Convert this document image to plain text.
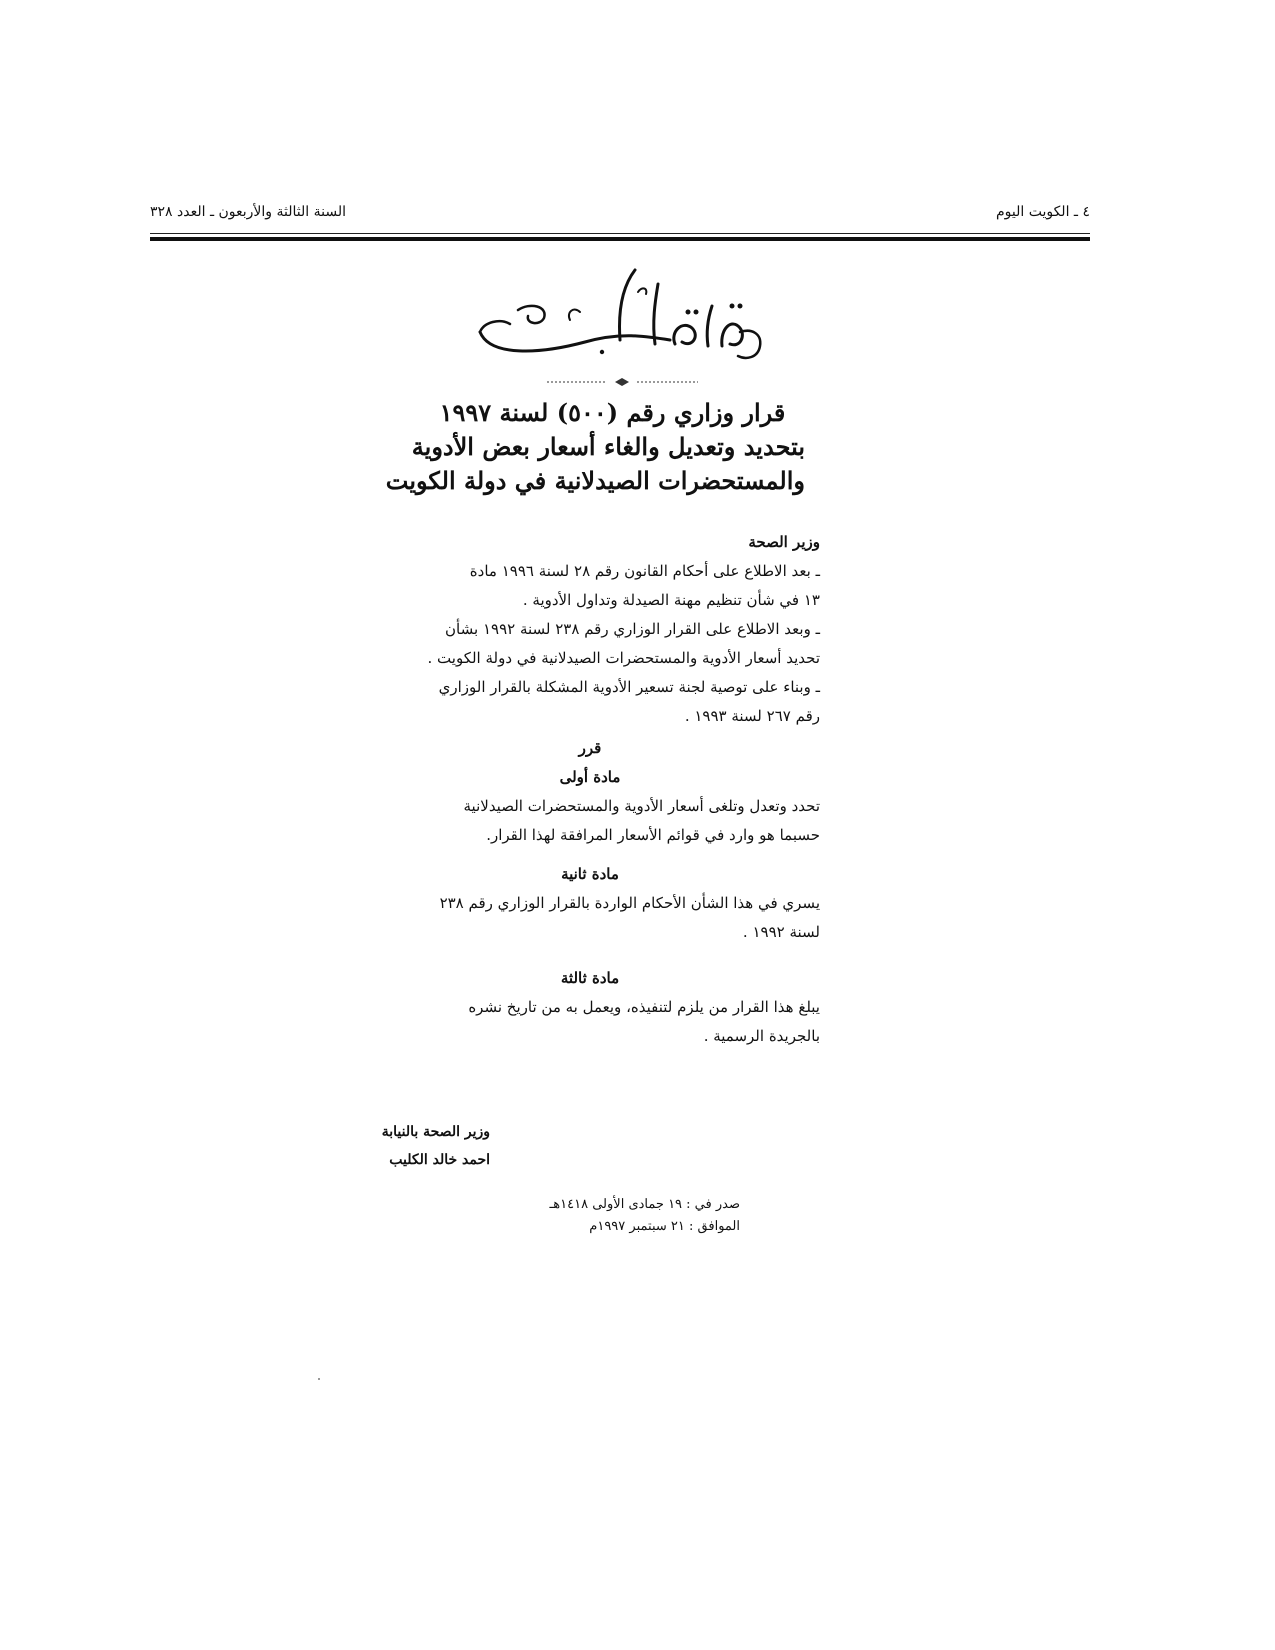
السنة الثالثة والأربعون ـ العدد ٣٢٨	٤ ـ الكويت اليوم
قرار وزاري رقم (٥٠٠) لسنة ١٩٩٧
بتحديد وتعديل والغاء أسعار بعض الأدوية
والمستحضرات الصيدلانية في دولة الكويت
وزير الصحة
ـ بعد الاطلاع على أحكام القانون رقم ٢٨ لسنة ١٩٩٦ مادة
١٣ في شأن تنظيم مهنة الصيدلة وتداول الأدوية .
ـ وبعد الاطلاع على القرار الوزاري رقم ٢٣٨ لسنة ١٩٩٢ بشأن
تحديد أسعار الأدوية والمستحضرات الصيدلانية في دولة الكويت .
ـ وبناء على توصية لجنة تسعير الأدوية المشكلة بالقرار الوزاري
رقم ٢٦٧ لسنة ١٩٩٣ .
قرر
مادة أولى
تحدد وتعدل وتلغى أسعار الأدوية والمستحضرات الصيدلانية
حسبما هو وارد في قوائم الأسعار المرافقة لهذا القرار.
مادة ثانية
يسري في هذا الشأن الأحكام الواردة بالقرار الوزاري رقم ٢٣٨
لسنة ١٩٩٢ .
مادة ثالثة
يبلغ هذا القرار من يلزم لتنفيذه، ويعمل به من تاريخ نشره
بالجريدة الرسمية .
وزير الصحة بالنيابة
احمد خالد الكليب
صدر في : ١٩ جمادى الأولى ١٤١٨هـ
الموافق : ٢١ سبتمبر ١٩٩٧م
